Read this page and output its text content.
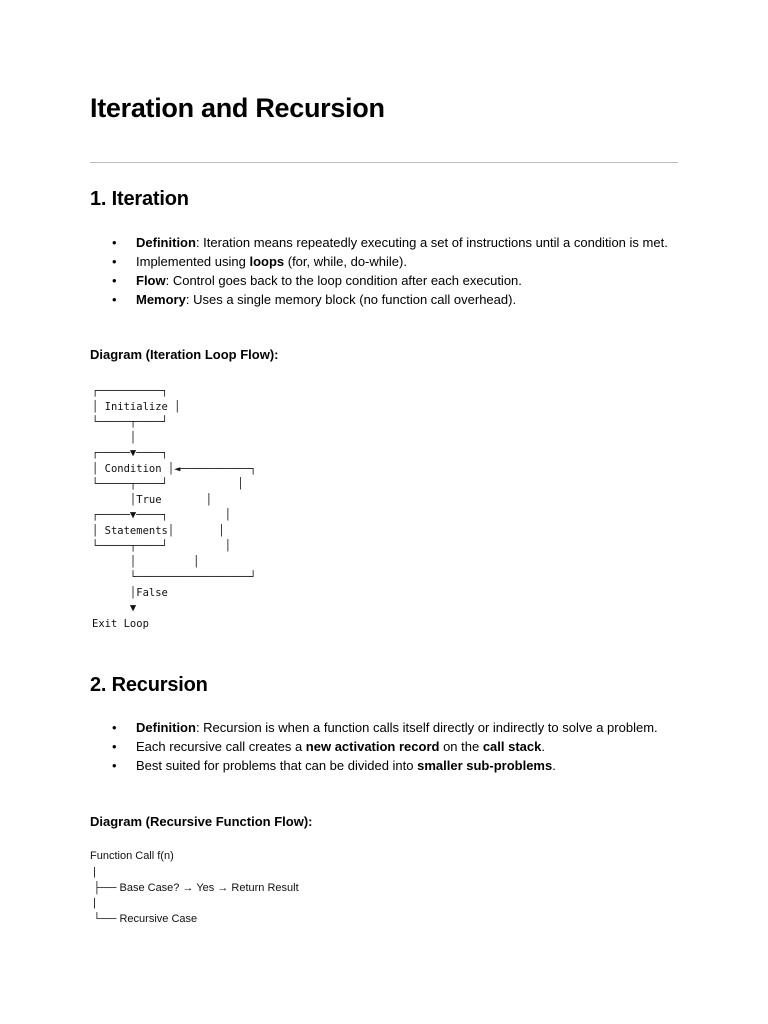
Iteration and Recursion
1. Iteration
• Definition: Iteration means repeatedly executing a set of instructions until a condition is met.
• Implemented using loops (for, while, do-while).
• Flow: Control goes back to the loop condition after each execution.
• Memory: Uses a single memory block (no function call overhead).

Diagram (Iteration Loop Flow):

┌──────────┐
│ Initialize │
└─────┬────┘
│
┌─────▼────┐
│ Condition │◄───────────┐
└─────┬────┘           │
│True       │
┌─────▼────┐         │
│ Statements│       │
└─────┬────┘         │
│         │
└──────────────────┘
│False
▼
Exit Loop
2. Recursion
• Definition: Recursion is when a function calls itself directly or indirectly to solve a problem.
• Each recursive call creates a new activation record on the call stack.
• Best suited for problems that can be divided into smaller sub-problems.

Diagram (Recursive Function Flow):

Function Call f(n)
|
├── Base Case? → Yes → Return Result
|
└── Recursive Case
